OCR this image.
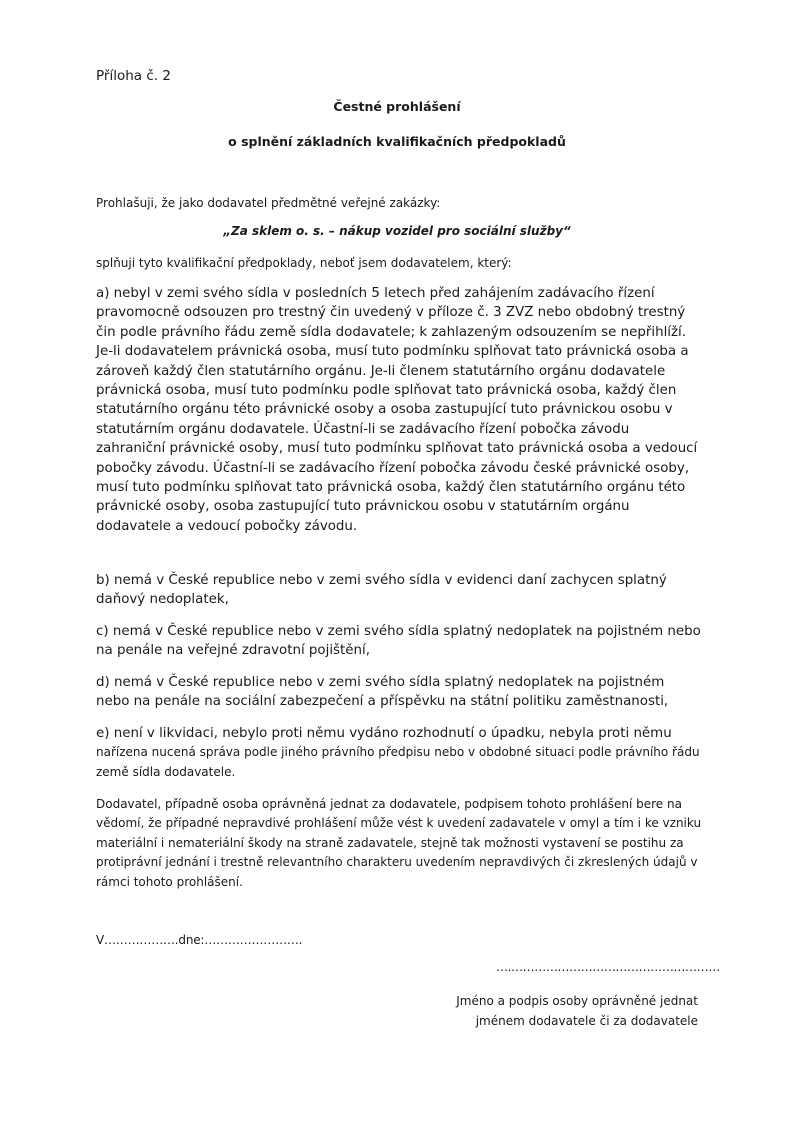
Příloha č. 2

Čestné prohlášení

o splnění základních kvalifikačních předpokladů

Prohlašuji, že jako dodavatel předmětné veřejné zakázky:

„Za sklem o. s. – nákup vozidel pro sociální služby“

splňuji tyto kvalifikační předpoklady, neboť jsem dodavatelem, který:

a) nebyl v zemi svého sídla v posledních 5 letech před zahájením zadávacího řízení pravomocně odsouzen pro trestný čin uvedený v příloze č. 3 ZVZ nebo obdobný trestný čin podle právního řádu země sídla dodavatele; k zahlazeným odsouzením se nepřihlíží. Je-li dodavatelem právnická osoba, musí tuto podmínku splňovat tato právnická osoba a zároveň každý člen statutárního orgánu. Je-li členem statutárního orgánu dodavatele právnická osoba, musí tuto podmínku podle splňovat tato právnická osoba, každý člen statutárního orgánu této právnické osoby a osoba zastupující tuto právnickou osobu v statutárním orgánu dodavatele. Účastní-li se zadávacího řízení pobočka závodu zahraniční právnické osoby, musí tuto podmínku splňovat tato právnická osoba a vedoucí pobočky závodu. Účastní-li se zadávacího řízení pobočka závodu české právnické osoby, musí tuto podmínku splňovat tato právnická osoba, každý člen statutárního orgánu této právnické osoby, osoba zastupující tuto právnickou osobu v statutárním orgánu dodavatele a vedoucí pobočky závodu.

b) nemá v České republice nebo v zemi svého sídla v evidenci daní zachycen splatný daňový nedoplatek,

c) nemá v České republice nebo v zemi svého sídla splatný nedoplatek na pojistném nebo na penále na veřejné zdravotní pojištění,

d) nemá v České republice nebo v zemi svého sídla splatný nedoplatek na pojistném nebo na penále na sociální zabezpečení a příspěvku na státní politiku zaměstnanosti,

e) není v likvidaci, nebylo proti němu vydáno rozhodnutí o úpadku, nebyla proti němu nařízena nucená správa podle jiného právního předpisu nebo v obdobné situaci podle právního řádu země sídla dodavatele.

Dodavatel, případně osoba oprávněná jednat za dodavatele, podpisem tohoto prohlášení bere na vědomí, že případné nepravdivé prohlášení může vést k uvedení zadavatele v omyl a tím i ke vzniku materiální i nemateriální škody na straně zadavatele, stejně tak možnosti vystavení se postihu za protiprávní jednání i trestně relevantního charakteru uvedením nepravdivých či zkreslených údajů v rámci tohoto prohlášení.

V……………….dne:…………………….

….………………………………………………

Jméno a podpis osoby oprávněné jednat
jménem dodavatele či za dodavatele
